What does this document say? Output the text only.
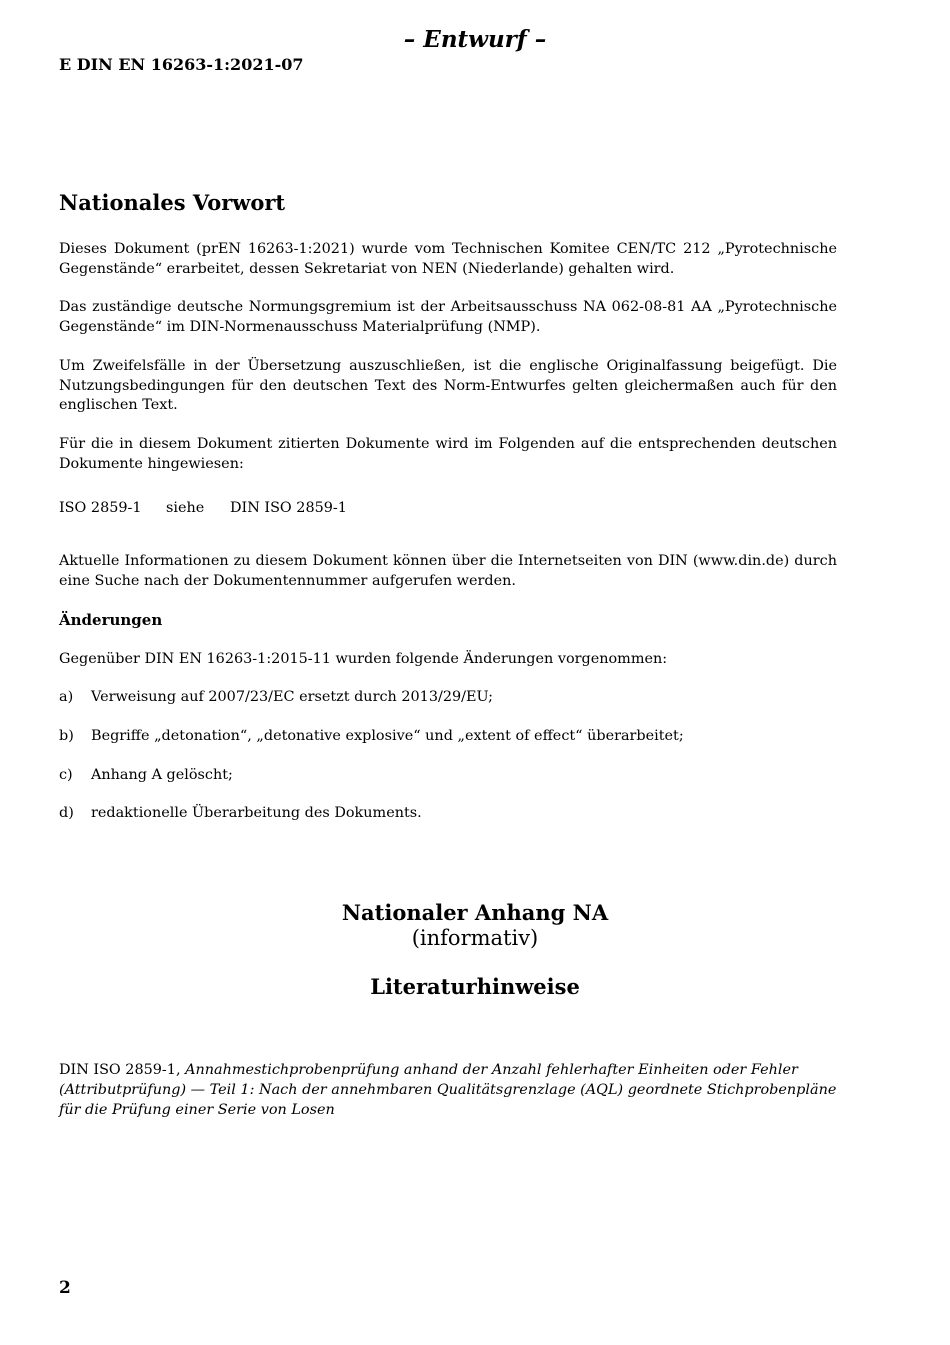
– Entwurf –
E DIN EN 16263-1:2021-07
Nationales Vorwort
Dieses Dokument (prEN 16263-1:2021) wurde vom Technischen Komitee CEN/TC 212 „Pyrotechnische Gegenstände“ erarbeitet, dessen Sekretariat von NEN (Niederlande) gehalten wird.
Das zuständige deutsche Normungsgremium ist der Arbeitsausschuss NA 062-08-81 AA „Pyrotechnische Gegenstände“ im DIN-Normenausschuss Materialprüfung (NMP).
Um Zweifelsfälle in der Übersetzung auszuschließen, ist die englische Originalfassung beigefügt. Die Nutzungsbedingungen für den deutschen Text des Norm-Entwurfes gelten gleichermaßen auch für den englischen Text.
Für die in diesem Dokument zitierten Dokumente wird im Folgenden auf die entsprechenden deutschen Dokumente hingewiesen:
ISO 2859-1 siehe DIN ISO 2859-1
Aktuelle Informationen zu diesem Dokument können über die Internetseiten von DIN (www.din.de) durch eine Suche nach der Dokumentennummer aufgerufen werden.
Änderungen
Gegenüber DIN EN 16263-1:2015-11 wurden folgende Änderungen vorgenommen:
a) Verweisung auf 2007/23/EC ersetzt durch 2013/29/EU;
b) Begriffe „detonation“, „detonative explosive“ und „extent of effect“ überarbeitet;
c) Anhang A gelöscht;
d) redaktionelle Überarbeitung des Dokuments.
Nationaler Anhang NA
(informativ)
Literaturhinweise
DIN ISO 2859-1, Annahmestichprobenprüfung anhand der Anzahl fehlerhafter Einheiten oder Fehler (Attributprüfung) — Teil 1: Nach der annehmbaren Qualitätsgrenzlage (AQL) geordnete Stichprobenpläne für die Prüfung einer Serie von Losen
2
